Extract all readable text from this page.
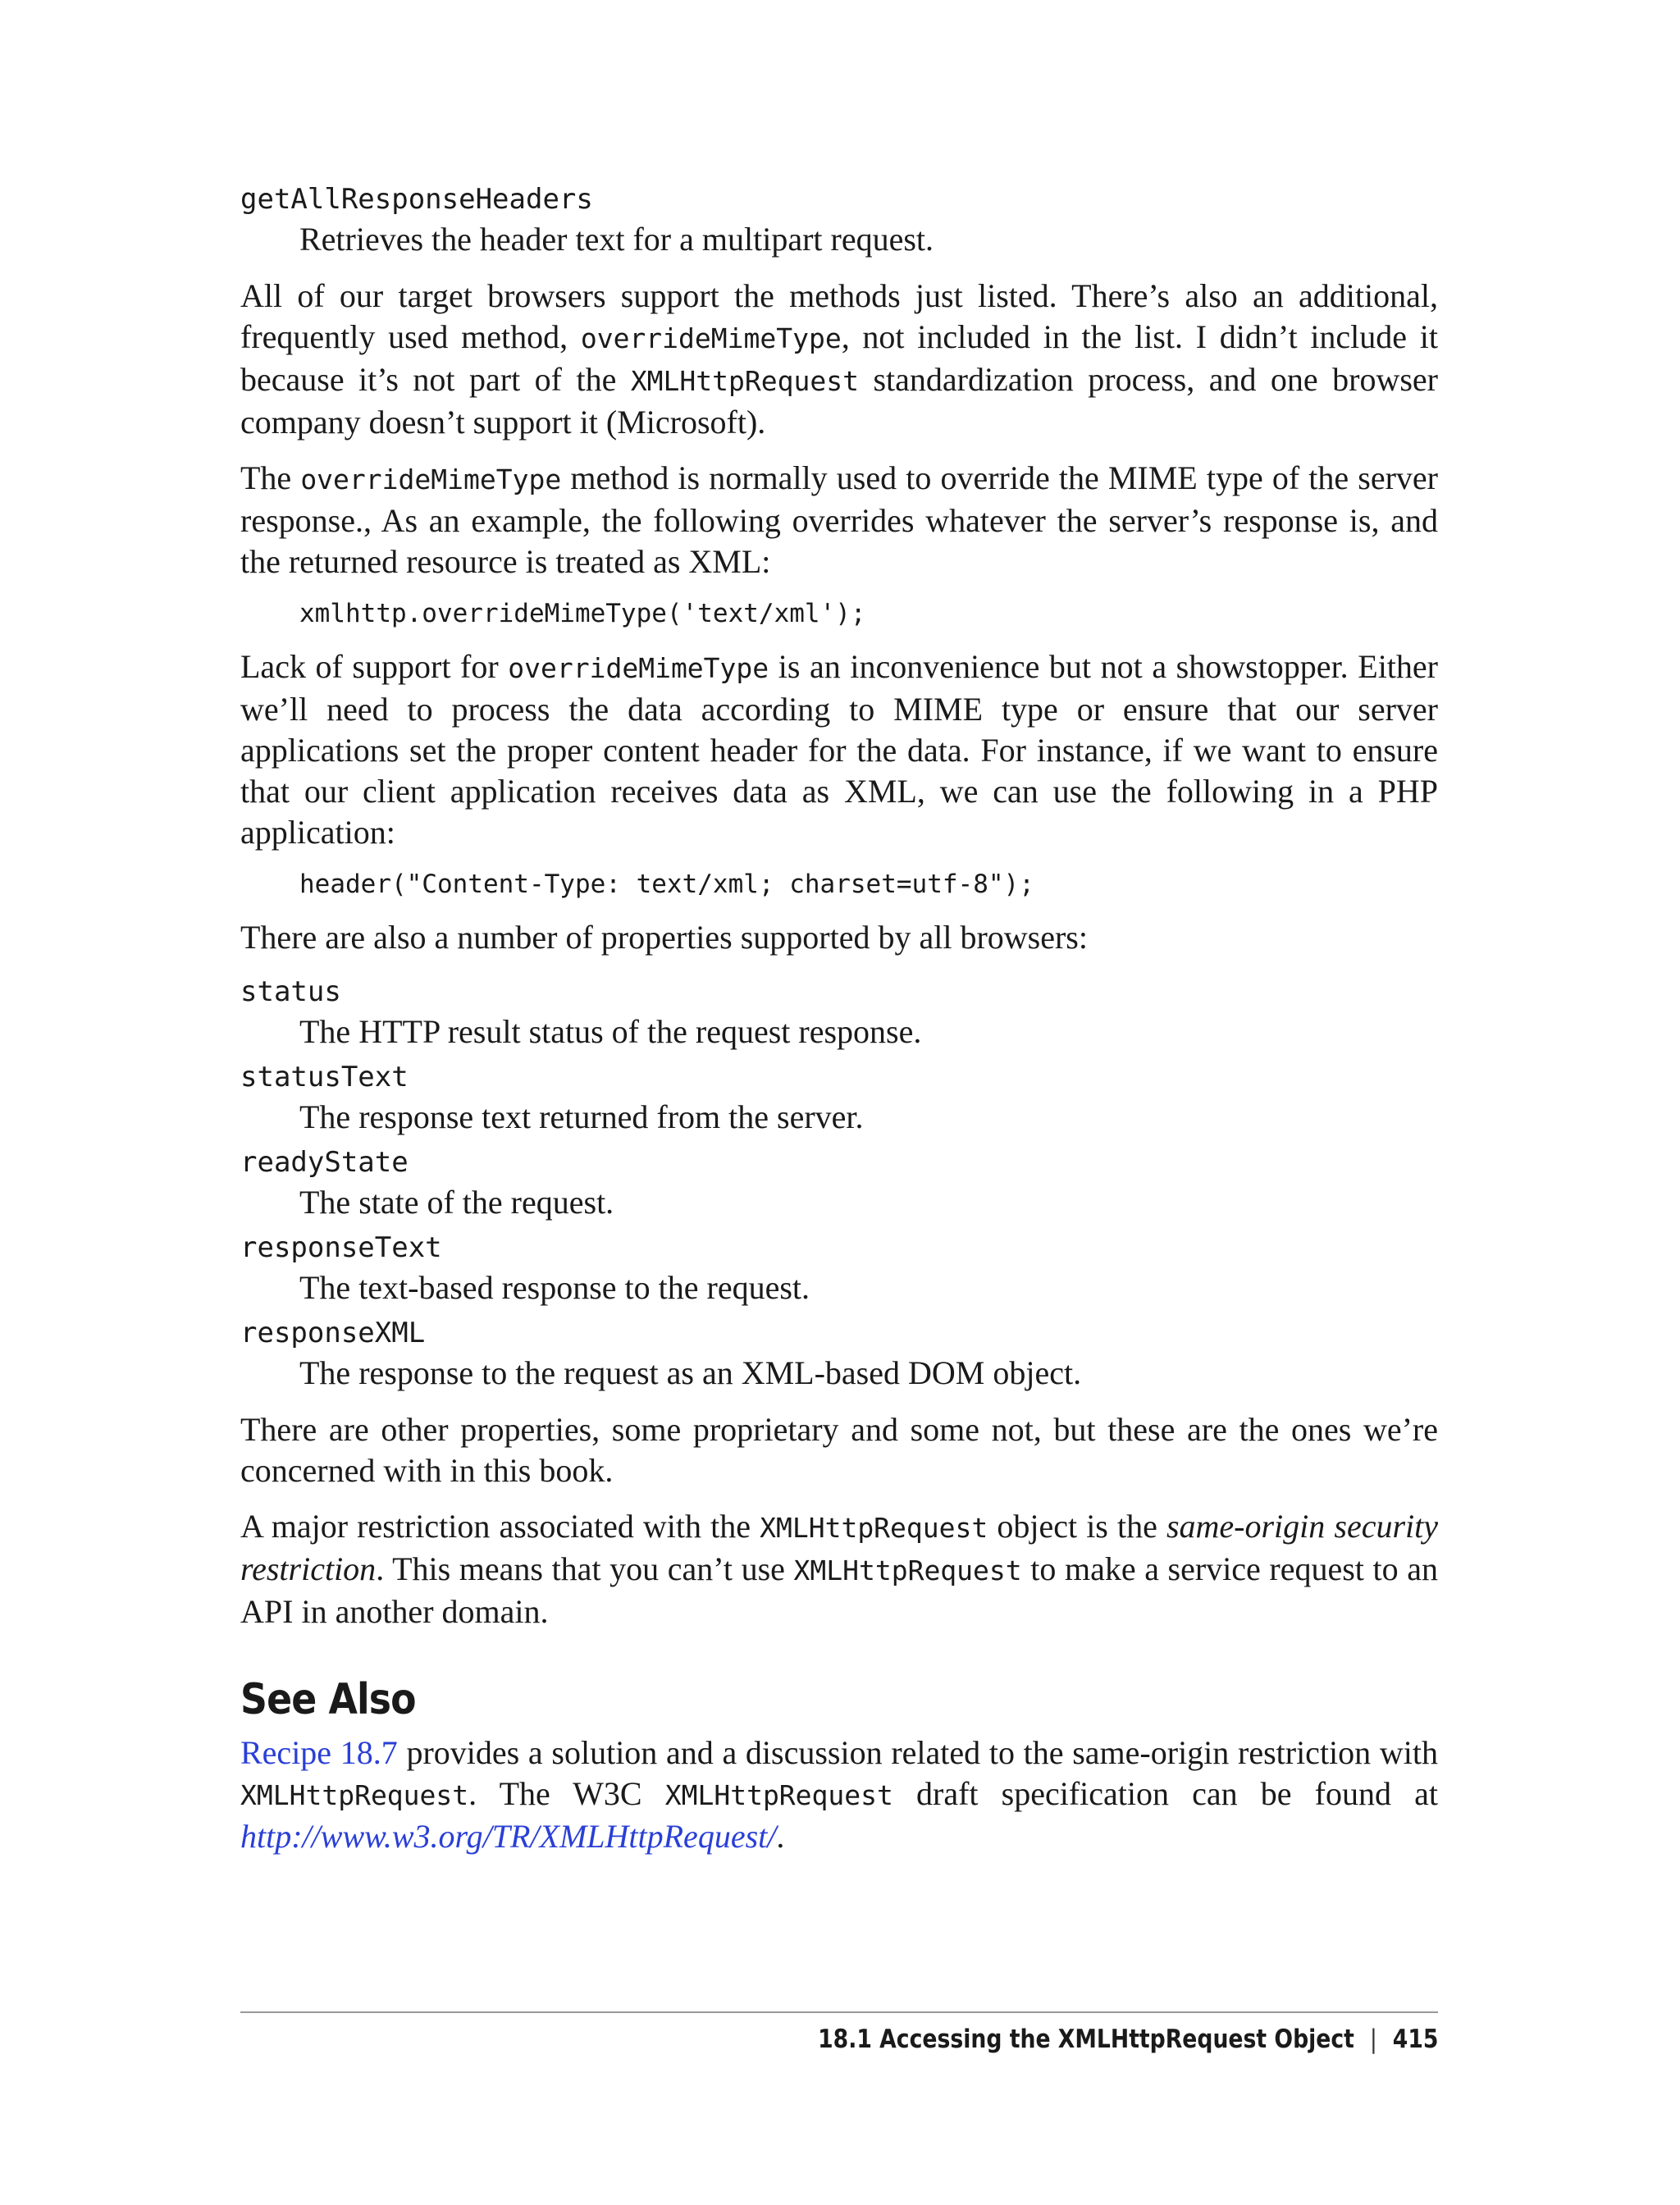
getAllResponseHeaders

Retrieves the header text for a multipart request.

All of our target browsers support the methods just listed. There’s also an additional, frequently used method, overrideMimeType, not included in the list. I didn’t include it because it’s not part of the XMLHttpRequest standardization process, and one browser company doesn’t support it (Microsoft).

The overrideMimeType method is normally used to override the MIME type of the server response., As an example, the following overrides whatever the server’s response is, and the returned resource is treated as XML:

xmlhttp.overrideMimeType('text/xml');

Lack of support for overrideMimeType is an inconvenience but not a showstopper. Either we’ll need to process the data according to MIME type or ensure that our server applications set the proper content header for the data. For instance, if we want to ensure that our client application receives data as XML, we can use the following in a PHP application:

header("Content-Type: text/xml; charset=utf-8");

There are also a number of properties supported by all browsers:

status

The HTTP result status of the request response.

statusText

The response text returned from the server.

readyState

The state of the request.

responseText

The text-based response to the request.

responseXML

The response to the request as an XML-based DOM object.

There are other properties, some proprietary and some not, but these are the ones we’re concerned with in this book.

A major restriction associated with the XMLHttpRequest object is the same-origin security restriction. This means that you can’t use XMLHttpRequest to make a service request to an API in another domain.

See Also

Recipe 18.7 provides a solution and a discussion related to the same-origin restriction with XMLHttpRequest. The W3C XMLHttpRequest draft specification can be found at http://www.w3.org/TR/XMLHttpRequest/.

18.1 Accessing the XMLHttpRequest Object | 415
